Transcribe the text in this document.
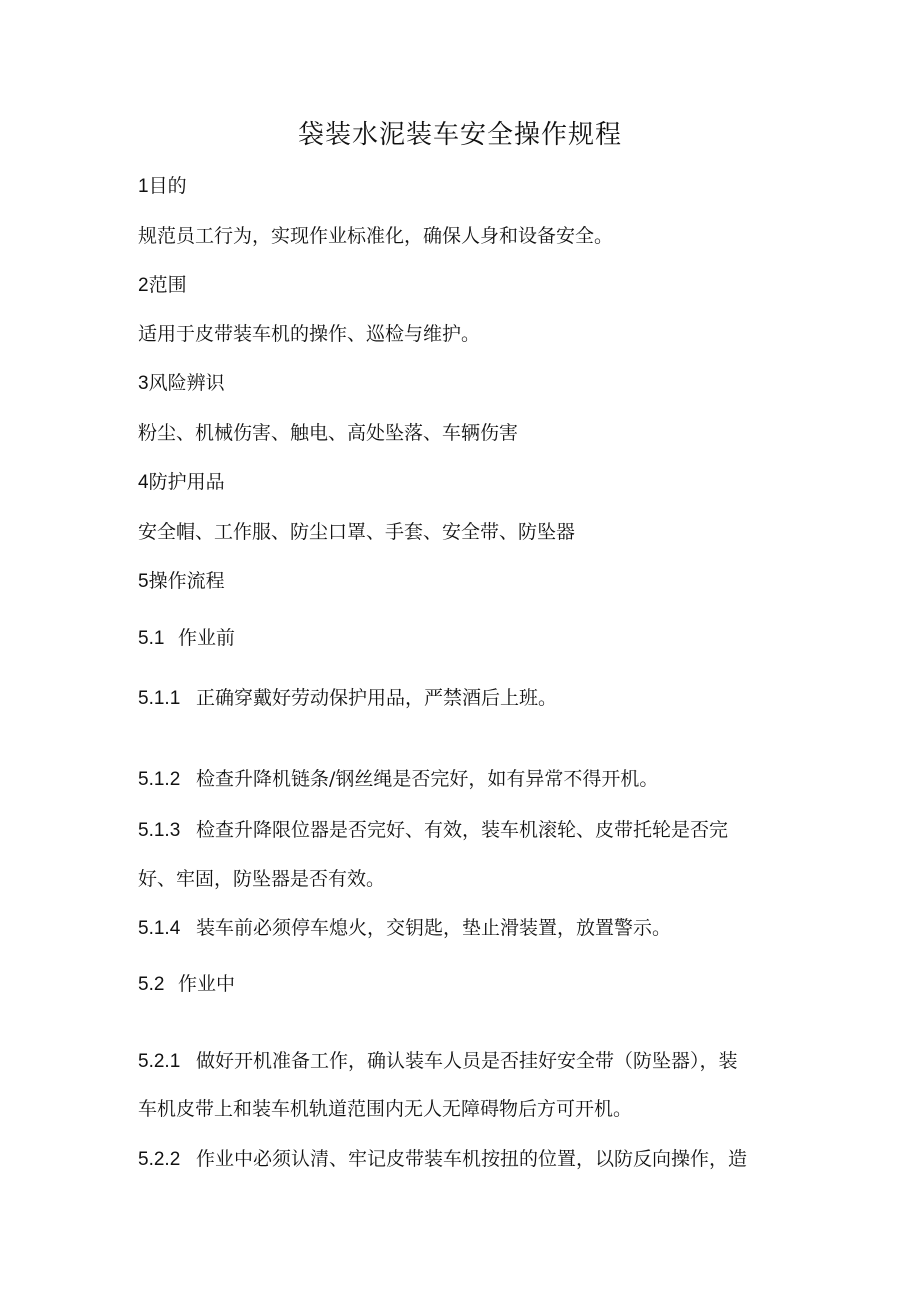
袋装水泥装车安全操作规程
1目的
规范员工行为，实现作业标准化，确保人身和设备安全。
2范围
适用于皮带装车机的操作、巡检与维护。
3风险辨识
粉尘、机械伤害、触电、高处坠落、车辆伤害
4防护用品
安全帽、工作服、防尘口罩、手套、安全带、防坠器
5操作流程
5.1 作业前
5.1.1 正确穿戴好劳动保护用品，严禁酒后上班。
5.1.2 检查升降机链条/钢丝绳是否完好，如有异常不得开机。
5.1.3 检查升降限位器是否完好、有效，装车机滚轮、皮带托轮是否完
好、牢固，防坠器是否有效。
5.1.4 装车前必须停车熄火，交钥匙，垫止滑装置，放置警示。
5.2 作业中
5.2.1 做好开机准备工作，确认装车人员是否挂好安全带（防坠器），装
车机皮带上和装车机轨道范围内无人无障碍物后方可开机。
5.2.2 作业中必须认清、牢记皮带装车机按扭的位置，以防反向操作，造
